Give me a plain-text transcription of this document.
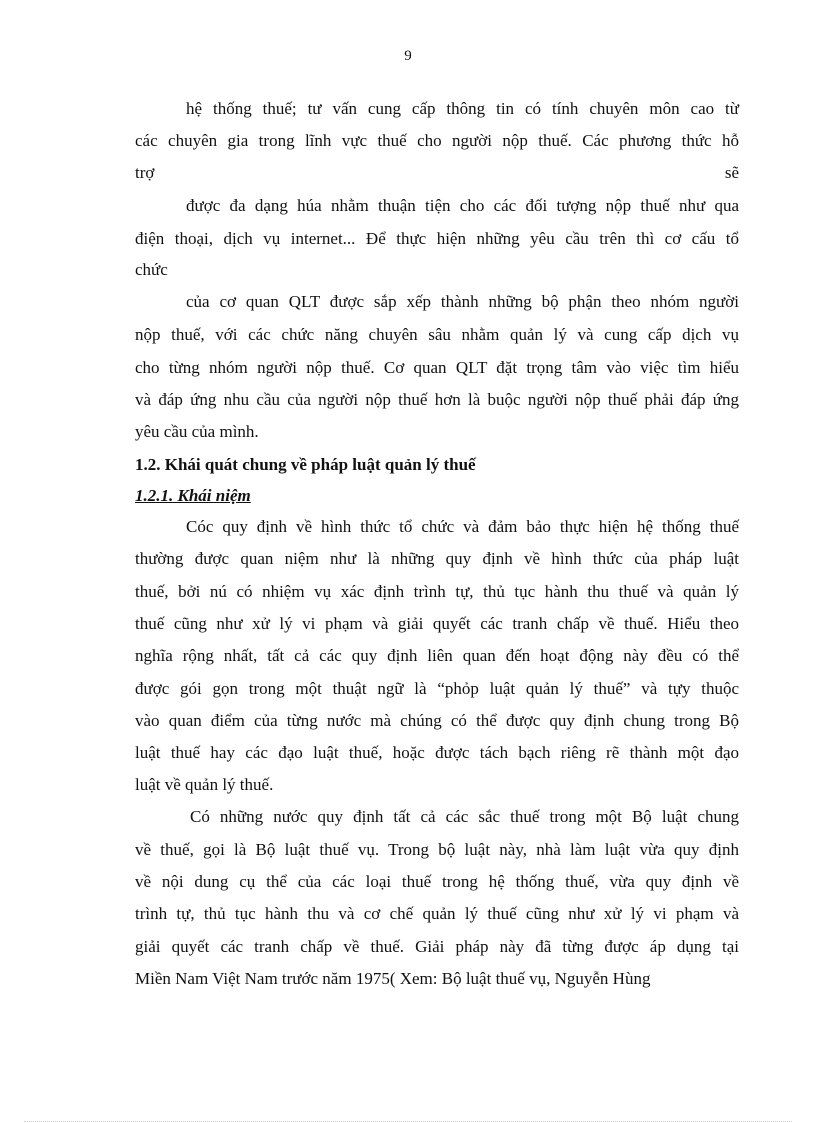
9
hệ thống thuế; tư vấn cung cấp thông tin có tính chuyên môn cao từ
các chuyên gia trong lĩnh vực thuế cho người nộp thuế. Các phương thức hỗ
trợ	sẽ
được đa dạng húa nhằm thuận tiện cho các đối tượng nộp thuế như qua
điện thoại, dịch vụ internet... Để thực hiện những yêu cầu trên thì cơ cấu tổ
chức
của cơ quan QLT được sắp xếp thành những bộ phận theo nhóm người
nộp thuế, với các chức năng chuyên sâu nhằm quản lý và cung cấp dịch vụ
cho từng nhóm người nộp thuế. Cơ quan QLT đặt trọng tâm vào việc tìm hiểu
và đáp ứng nhu cầu của người nộp thuế hơn là buộc người nộp thuế phải đáp ứng
yêu cầu của mình.
1.2. Khái quát chung về pháp luật quản lý thuế
1.2.1. Khái niệm
Cóc quy định về hình thức tổ chức và đảm bảo thực hiện hệ thống thuế
thường được quan niệm như là những quy định về hình thức của pháp luật
thuế, bởi nú có nhiệm vụ xác định trình tự, thủ tục hành thu thuế và quản lý
thuế cũng như xử lý vi phạm và giải quyết các tranh chấp về thuế. Hiểu theo
nghĩa rộng nhất, tất cả các quy định liên quan đến hoạt động này đều có thể
được gói gọn trong một thuật ngữ là “phỏp luật quản lý thuế” và tựy thuộc
vào quan điểm của từng nước mà chúng có thể được quy định chung trong Bộ
luật thuế hay các đạo luật thuế, hoặc được tách bạch riêng rẽ thành một đạo
luật về quản lý thuế.
Có những nước quy định tất cả các sắc thuế trong một Bộ luật chung
về thuế, gọi là Bộ luật thuế vụ. Trong bộ luật này, nhà làm luật vừa quy định
về nội dung cụ thể của các loại thuế trong hệ thống thuế, vừa quy định về
trình tự, thủ tục hành thu và cơ chế quản lý thuế cũng như xử lý vi phạm và
giải quyết các tranh chấp về thuế. Giải pháp này đã từng được áp dụng tại
Miền Nam Việt Nam trước năm 1975( Xem: Bộ luật thuế vụ, Nguyễn Hùng
